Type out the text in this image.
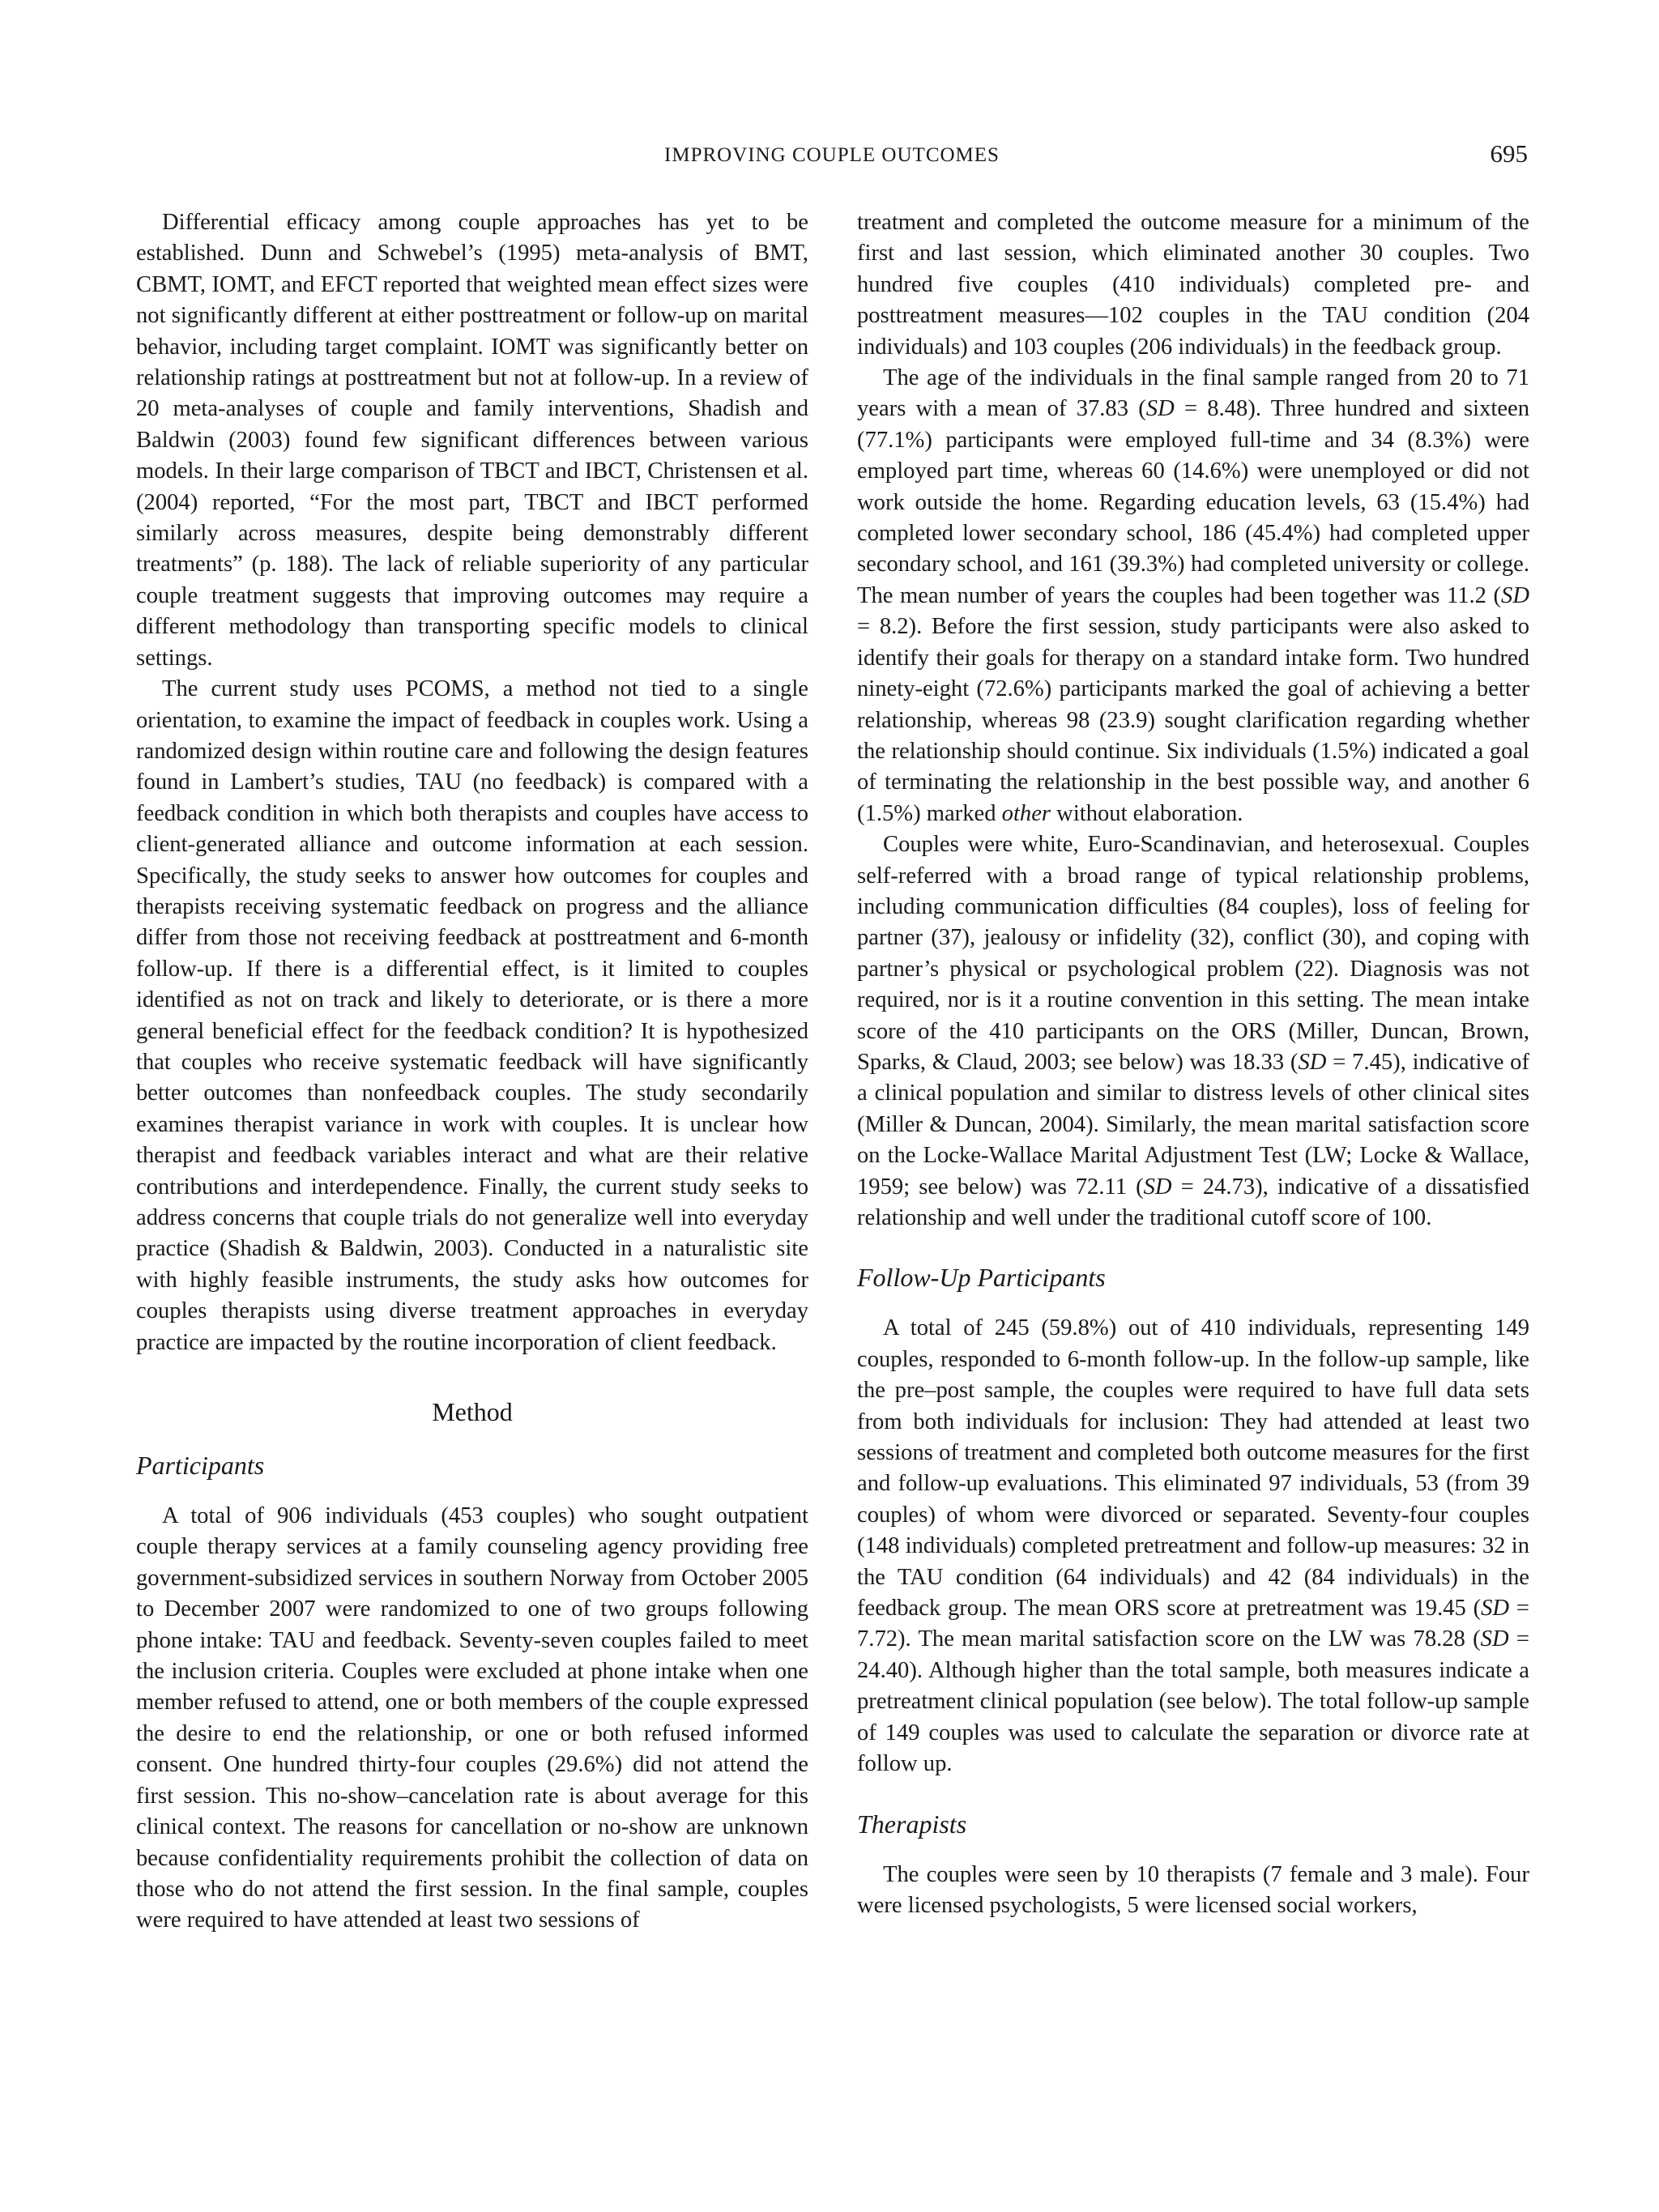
IMPROVING COUPLE OUTCOMES	695

Differential efficacy among couple approaches has yet to be established. Dunn and Schwebel’s (1995) meta-analysis of BMT, CBMT, IOMT, and EFCT reported that weighted mean effect sizes were not significantly different at either posttreatment or follow-up on marital behavior, including target complaint. IOMT was significantly better on relationship ratings at posttreatment but not at follow-up. In a review of 20 meta-analyses of couple and family interventions, Shadish and Baldwin (2003) found few significant differences between various models. In their large comparison of TBCT and IBCT, Christensen et al. (2004) reported, “For the most part, TBCT and IBCT performed similarly across measures, despite being demonstrably different treatments” (p. 188). The lack of reliable superiority of any particular couple treatment suggests that improving outcomes may require a different methodology than transporting specific models to clinical settings.

The current study uses PCOMS, a method not tied to a single orientation, to examine the impact of feedback in couples work. Using a randomized design within routine care and following the design features found in Lambert’s studies, TAU (no feedback) is compared with a feedback condition in which both therapists and couples have access to client-generated alliance and outcome information at each session. Specifically, the study seeks to answer how outcomes for couples and therapists receiving systematic feedback on progress and the alliance differ from those not receiving feedback at posttreatment and 6-month follow-up. If there is a differential effect, is it limited to couples identified as not on track and likely to deteriorate, or is there a more general beneficial effect for the feedback condition? It is hypothesized that couples who receive systematic feedback will have significantly better outcomes than nonfeedback couples. The study secondarily examines therapist variance in work with couples. It is unclear how therapist and feedback variables interact and what are their relative contributions and interdependence. Finally, the current study seeks to address concerns that couple trials do not generalize well into everyday practice (Shadish & Baldwin, 2003). Conducted in a naturalistic site with highly feasible instruments, the study asks how outcomes for couples therapists using diverse treatment approaches in everyday practice are impacted by the routine incorporation of client feedback.

Method
Participants

A total of 906 individuals (453 couples) who sought outpatient couple therapy services at a family counseling agency providing free government-subsidized services in southern Norway from October 2005 to December 2007 were randomized to one of two groups following phone intake: TAU and feedback. Seventy-seven couples failed to meet the inclusion criteria. Couples were excluded at phone intake when one member refused to attend, one or both members of the couple expressed the desire to end the relationship, or one or both refused informed consent. One hundred thirty-four couples (29.6%) did not attend the first session. This no-show–cancelation rate is about average for this clinical context. The reasons for cancellation or no-show are unknown because confidentiality requirements prohibit the collection of data on those who do not attend the first session. In the final sample, couples were required to have attended at least two sessions of

treatment and completed the outcome measure for a minimum of the first and last session, which eliminated another 30 couples. Two hundred five couples (410 individuals) completed pre- and posttreatment measures—102 couples in the TAU condition (204 individuals) and 103 couples (206 individuals) in the feedback group.

The age of the individuals in the final sample ranged from 20 to 71 years with a mean of 37.83 (SD = 8.48). Three hundred and sixteen (77.1%) participants were employed full-time and 34 (8.3%) were employed part time, whereas 60 (14.6%) were unemployed or did not work outside the home. Regarding education levels, 63 (15.4%) had completed lower secondary school, 186 (45.4%) had completed upper secondary school, and 161 (39.3%) had completed university or college. The mean number of years the couples had been together was 11.2 (SD = 8.2). Before the first session, study participants were also asked to identify their goals for therapy on a standard intake form. Two hundred ninety-eight (72.6%) participants marked the goal of achieving a better relationship, whereas 98 (23.9) sought clarification regarding whether the relationship should continue. Six individuals (1.5%) indicated a goal of terminating the relationship in the best possible way, and another 6 (1.5%) marked other without elaboration.

Couples were white, Euro-Scandinavian, and heterosexual. Couples self-referred with a broad range of typical relationship problems, including communication difficulties (84 couples), loss of feeling for partner (37), jealousy or infidelity (32), conflict (30), and coping with partner’s physical or psychological problem (22). Diagnosis was not required, nor is it a routine convention in this setting. The mean intake score of the 410 participants on the ORS (Miller, Duncan, Brown, Sparks, & Claud, 2003; see below) was 18.33 (SD = 7.45), indicative of a clinical population and similar to distress levels of other clinical sites (Miller & Duncan, 2004). Similarly, the mean marital satisfaction score on the Locke-Wallace Marital Adjustment Test (LW; Locke & Wallace, 1959; see below) was 72.11 (SD = 24.73), indicative of a dissatisfied relationship and well under the traditional cutoff score of 100.

Follow-Up Participants

A total of 245 (59.8%) out of 410 individuals, representing 149 couples, responded to 6-month follow-up. In the follow-up sample, like the pre–post sample, the couples were required to have full data sets from both individuals for inclusion: They had attended at least two sessions of treatment and completed both outcome measures for the first and follow-up evaluations. This eliminated 97 individuals, 53 (from 39 couples) of whom were divorced or separated. Seventy-four couples (148 individuals) completed pretreatment and follow-up measures: 32 in the TAU condition (64 individuals) and 42 (84 individuals) in the feedback group. The mean ORS score at pretreatment was 19.45 (SD = 7.72). The mean marital satisfaction score on the LW was 78.28 (SD = 24.40). Although higher than the total sample, both measures indicate a pretreatment clinical population (see below). The total follow-up sample of 149 couples was used to calculate the separation or divorce rate at follow up.

Therapists

The couples were seen by 10 therapists (7 female and 3 male). Four were licensed psychologists, 5 were licensed social workers,
